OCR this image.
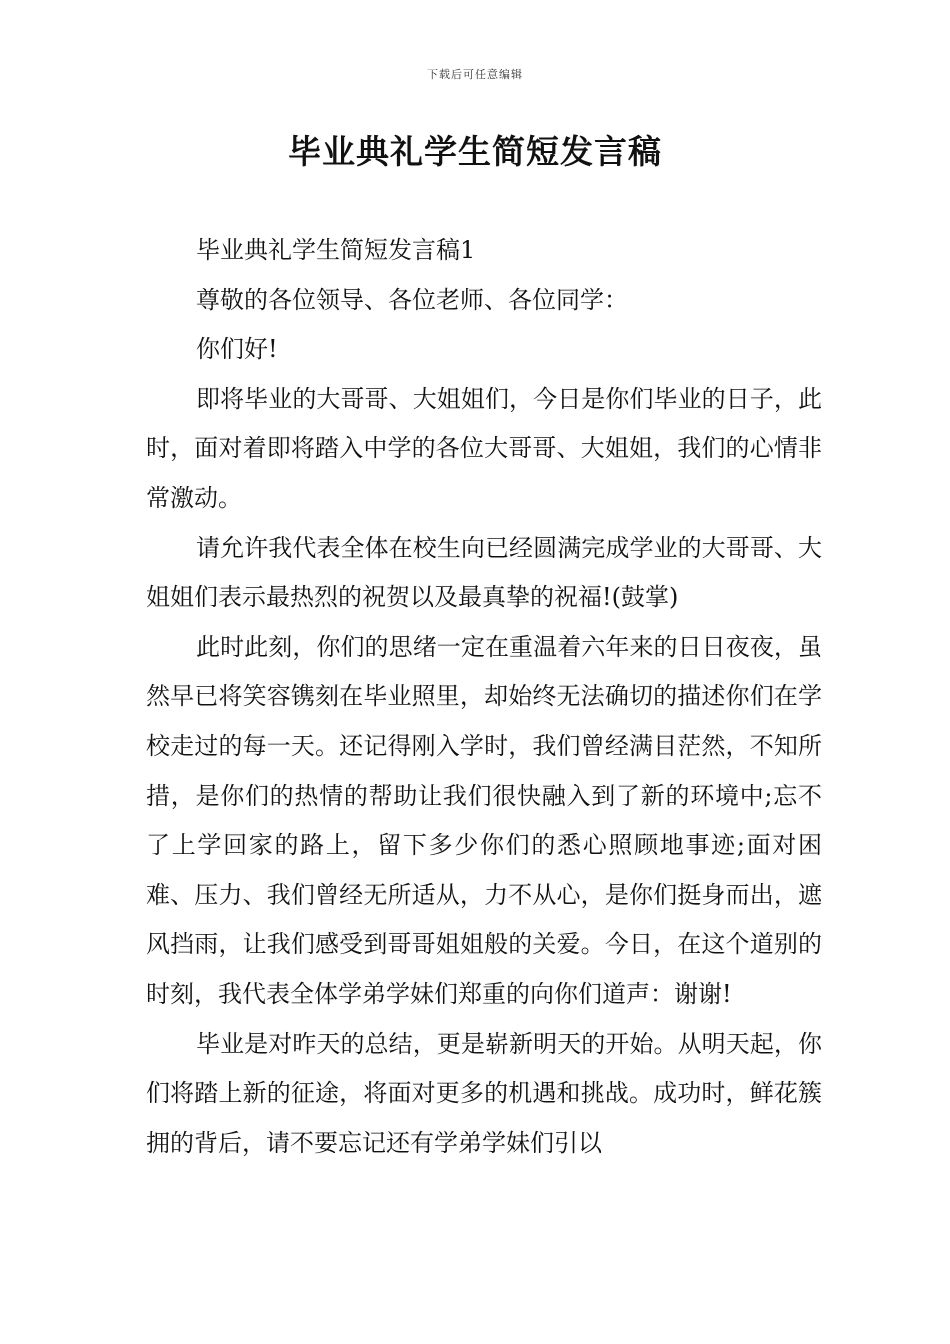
下载后可任意编辑
毕业典礼学生简短发言稿

毕业典礼学生简短发言稿1

尊敬的各位领导、各位老师、各位同学：

你们好!

即将毕业的大哥哥、大姐姐们，今日是你们毕业的日子，此时，面对着即将踏入中学的各位大哥哥、大姐姐，我们的心情非常激动。

请允许我代表全体在校生向已经圆满完成学业的大哥哥、大姐姐们表示最热烈的祝贺以及最真挚的祝福!(鼓掌)

此时此刻，你们的思绪一定在重温着六年来的日日夜夜，虽然早已将笑容镌刻在毕业照里，却始终无法确切的描述你们在学校走过的每一天。还记得刚入学时，我们曾经满目茫然，不知所措，是你们的热情的帮助让我们很快融入到了新的环境中;忘不了上学回家的路上，留下多少你们的悉心照顾地事迹;面对困难、压力、我们曾经无所适从，力不从心，是你们挺身而出，遮风挡雨，让我们感受到哥哥姐姐般的关爱。今日，在这个道别的时刻，我代表全体学弟学妹们郑重的向你们道声：谢谢!

毕业是对昨天的总结，更是崭新明天的开始。从明天起，你们将踏上新的征途，将面对更多的机遇和挑战。成功时，鲜花簇拥的背后，请不要忘记还有学弟学妹们引以
